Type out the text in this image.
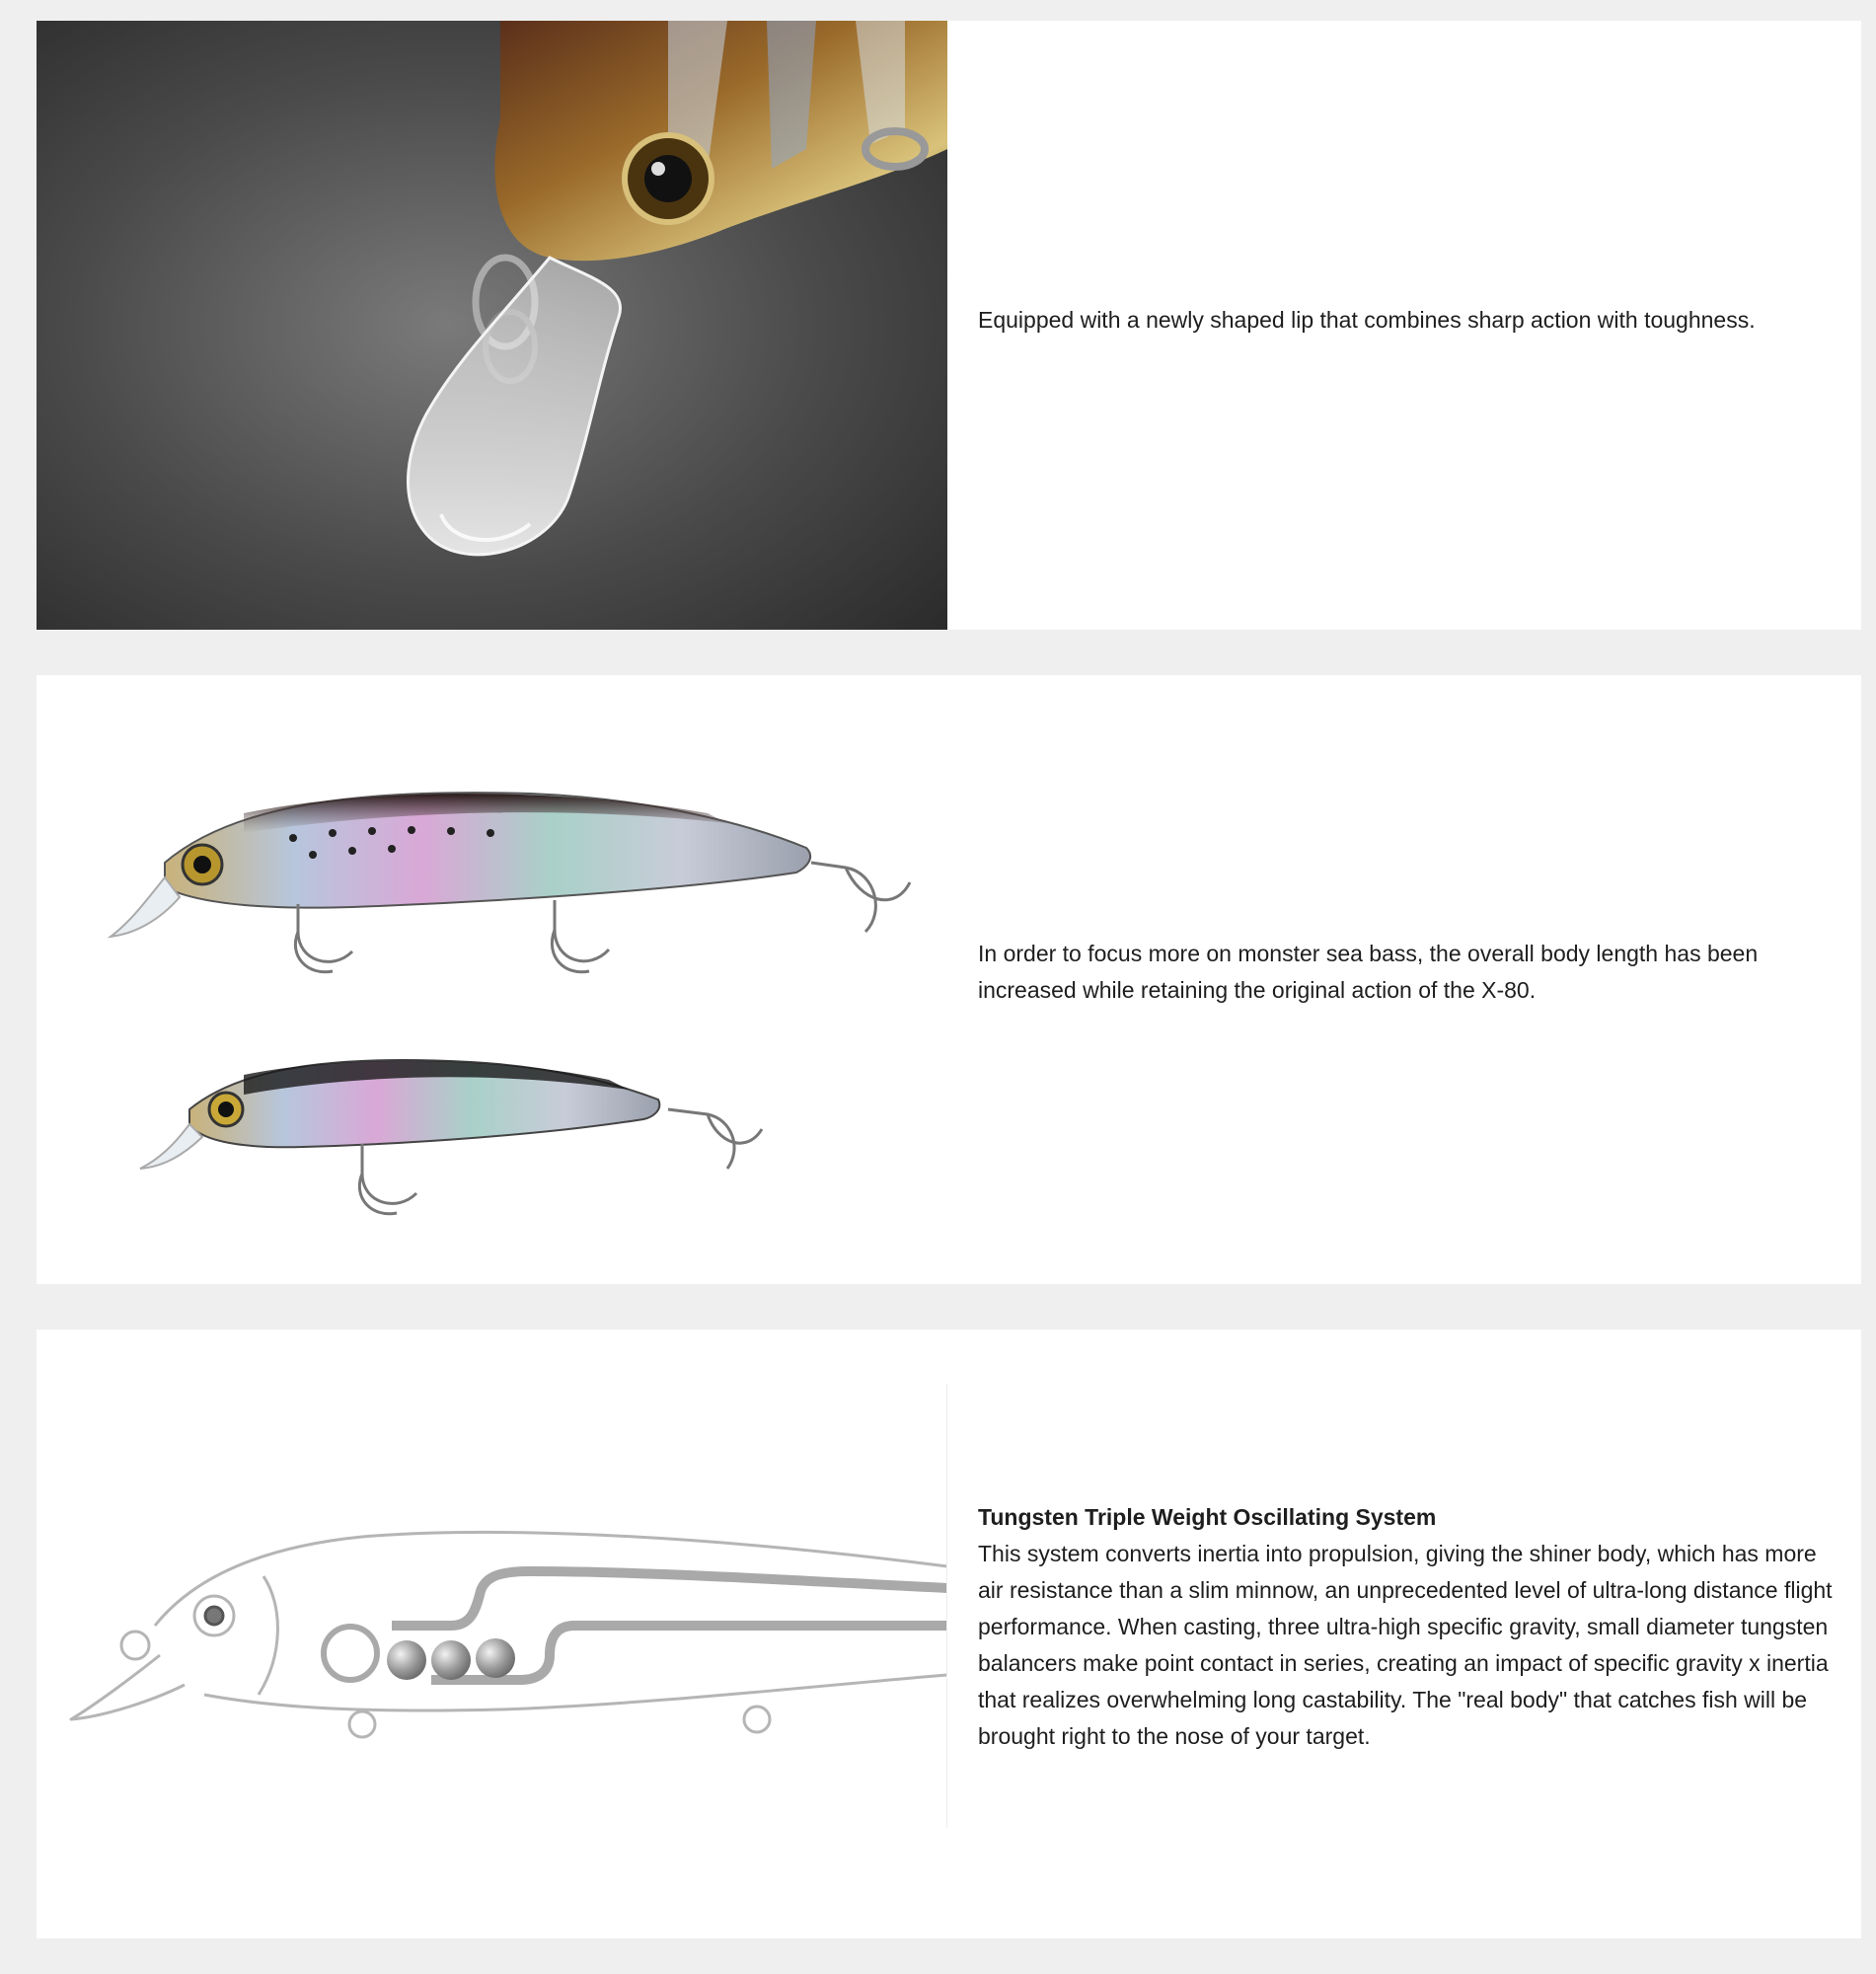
Equipped with a newly shaped lip that combines sharp action with toughness.

In order to focus more on monster sea bass, the overall body length has been increased while retaining the original action of the X-80.

Tungsten Triple Weight Oscillating System

This system converts inertia into propulsion, giving the shiner body, which has more air resistance than a slim minnow, an unprecedented level of ultra-long distance flight performance. When casting, three ultra-high specific gravity, small diameter tungsten balancers make point contact in series, creating an impact of specific gravity x inertia that realizes overwhelming long castability. The "real body" that catches fish will be brought right to the nose of your target.
